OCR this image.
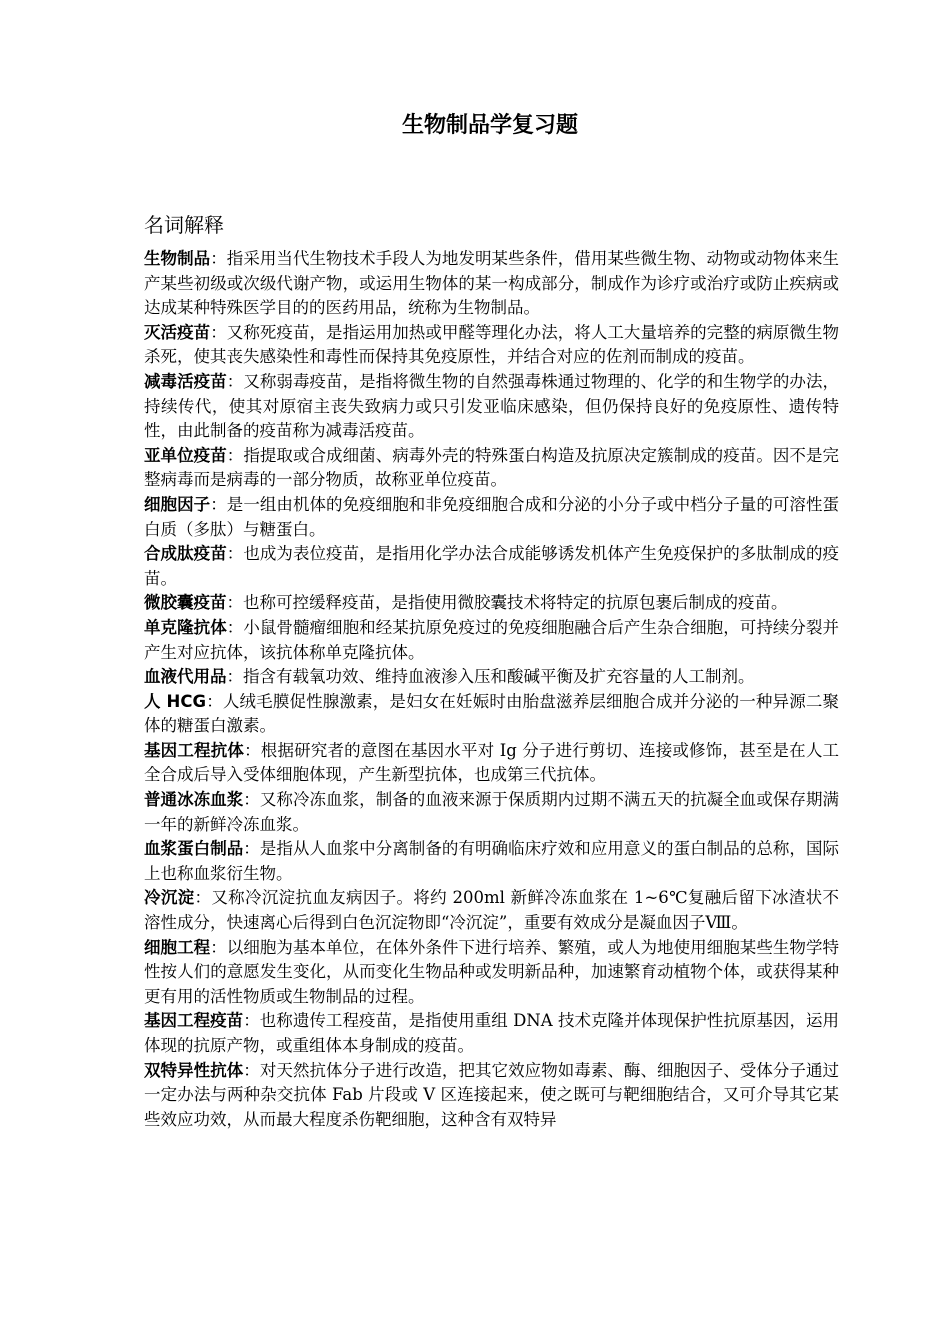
生物制品学复习题
名词解释

生物制品：指采用当代生物技术手段人为地发明某些条件，借用某些微生物、动物或动物体来生产某些初级或次级代谢产物，或运用生物体的某一构成部分，制成作为诊疗或治疗或防止疾病或达成某种特殊医学目的的医药用品，统称为生物制品。

灭活疫苗：又称死疫苗，是指运用加热或甲醛等理化办法，将人工大量培养的完整的病原微生物杀死，使其丧失感染性和毒性而保持其免疫原性，并结合对应的佐剂而制成的疫苗。

减毒活疫苗：又称弱毒疫苗，是指将微生物的自然强毒株通过物理的、化学的和生物学的办法，持续传代，使其对原宿主丧失致病力或只引发亚临床感染，但仍保持良好的免疫原性、遗传特性，由此制备的疫苗称为减毒活疫苗。

亚单位疫苗：指提取或合成细菌、病毒外壳的特殊蛋白构造及抗原决定簇制成的疫苗。因不是完整病毒而是病毒的一部分物质，故称亚单位疫苗。

细胞因子：是一组由机体的免疫细胞和非免疫细胞合成和分泌的小分子或中档分子量的可溶性蛋白质（多肽）与糖蛋白。

合成肽疫苗：也成为表位疫苗，是指用化学办法合成能够诱发机体产生免疫保护的多肽制成的疫苗。

微胶囊疫苗：也称可控缓释疫苗，是指使用微胶囊技术将特定的抗原包裹后制成的疫苗。

单克隆抗体：小鼠骨髓瘤细胞和经某抗原免疫过的免疫细胞融合后产生杂合细胞，可持续分裂并产生对应抗体，该抗体称单克隆抗体。

血液代用品：指含有载氧功效、维持血液渗入压和酸碱平衡及扩充容量的人工制剂。

人 HCG：人绒毛膜促性腺激素，是妇女在妊娠时由胎盘滋养层细胞合成并分泌的一种异源二聚体的糖蛋白激素。

基因工程抗体：根据研究者的意图在基因水平对 Ig 分子进行剪切、连接或修饰，甚至是在人工全合成后导入受体细胞体现，产生新型抗体，也成第三代抗体。

普通冰冻血浆：又称冷冻血浆，制备的血液来源于保质期内过期不满五天的抗凝全血或保存期满一年的新鲜冷冻血浆。

血浆蛋白制品：是指从人血浆中分离制备的有明确临床疗效和应用意义的蛋白制品的总称，国际上也称血浆衍生物。

冷沉淀：又称冷沉淀抗血友病因子。将约 200ml 新鲜冷冻血浆在 1~6℃复融后留下冰渣状不溶性成分，快速离心后得到白色沉淀物即“冷沉淀”，重要有效成分是凝血因子Ⅷ。

细胞工程：以细胞为基本单位，在体外条件下进行培养、繁殖，或人为地使用细胞某些生物学特性按人们的意愿发生变化，从而变化生物品种或发明新品种，加速繁育动植物个体，或获得某种更有用的活性物质或生物制品的过程。

基因工程疫苗：也称遗传工程疫苗，是指使用重组 DNA 技术克隆并体现保护性抗原基因，运用体现的抗原产物，或重组体本身制成的疫苗。

双特异性抗体：对天然抗体分子进行改造，把其它效应物如毒素、酶、细胞因子、受体分子通过一定办法与两种杂交抗体 Fab 片段或 V 区连接起来，使之既可与靶细胞结合，又可介导其它某些效应功效，从而最大程度杀伤靶细胞，这种含有双特异
